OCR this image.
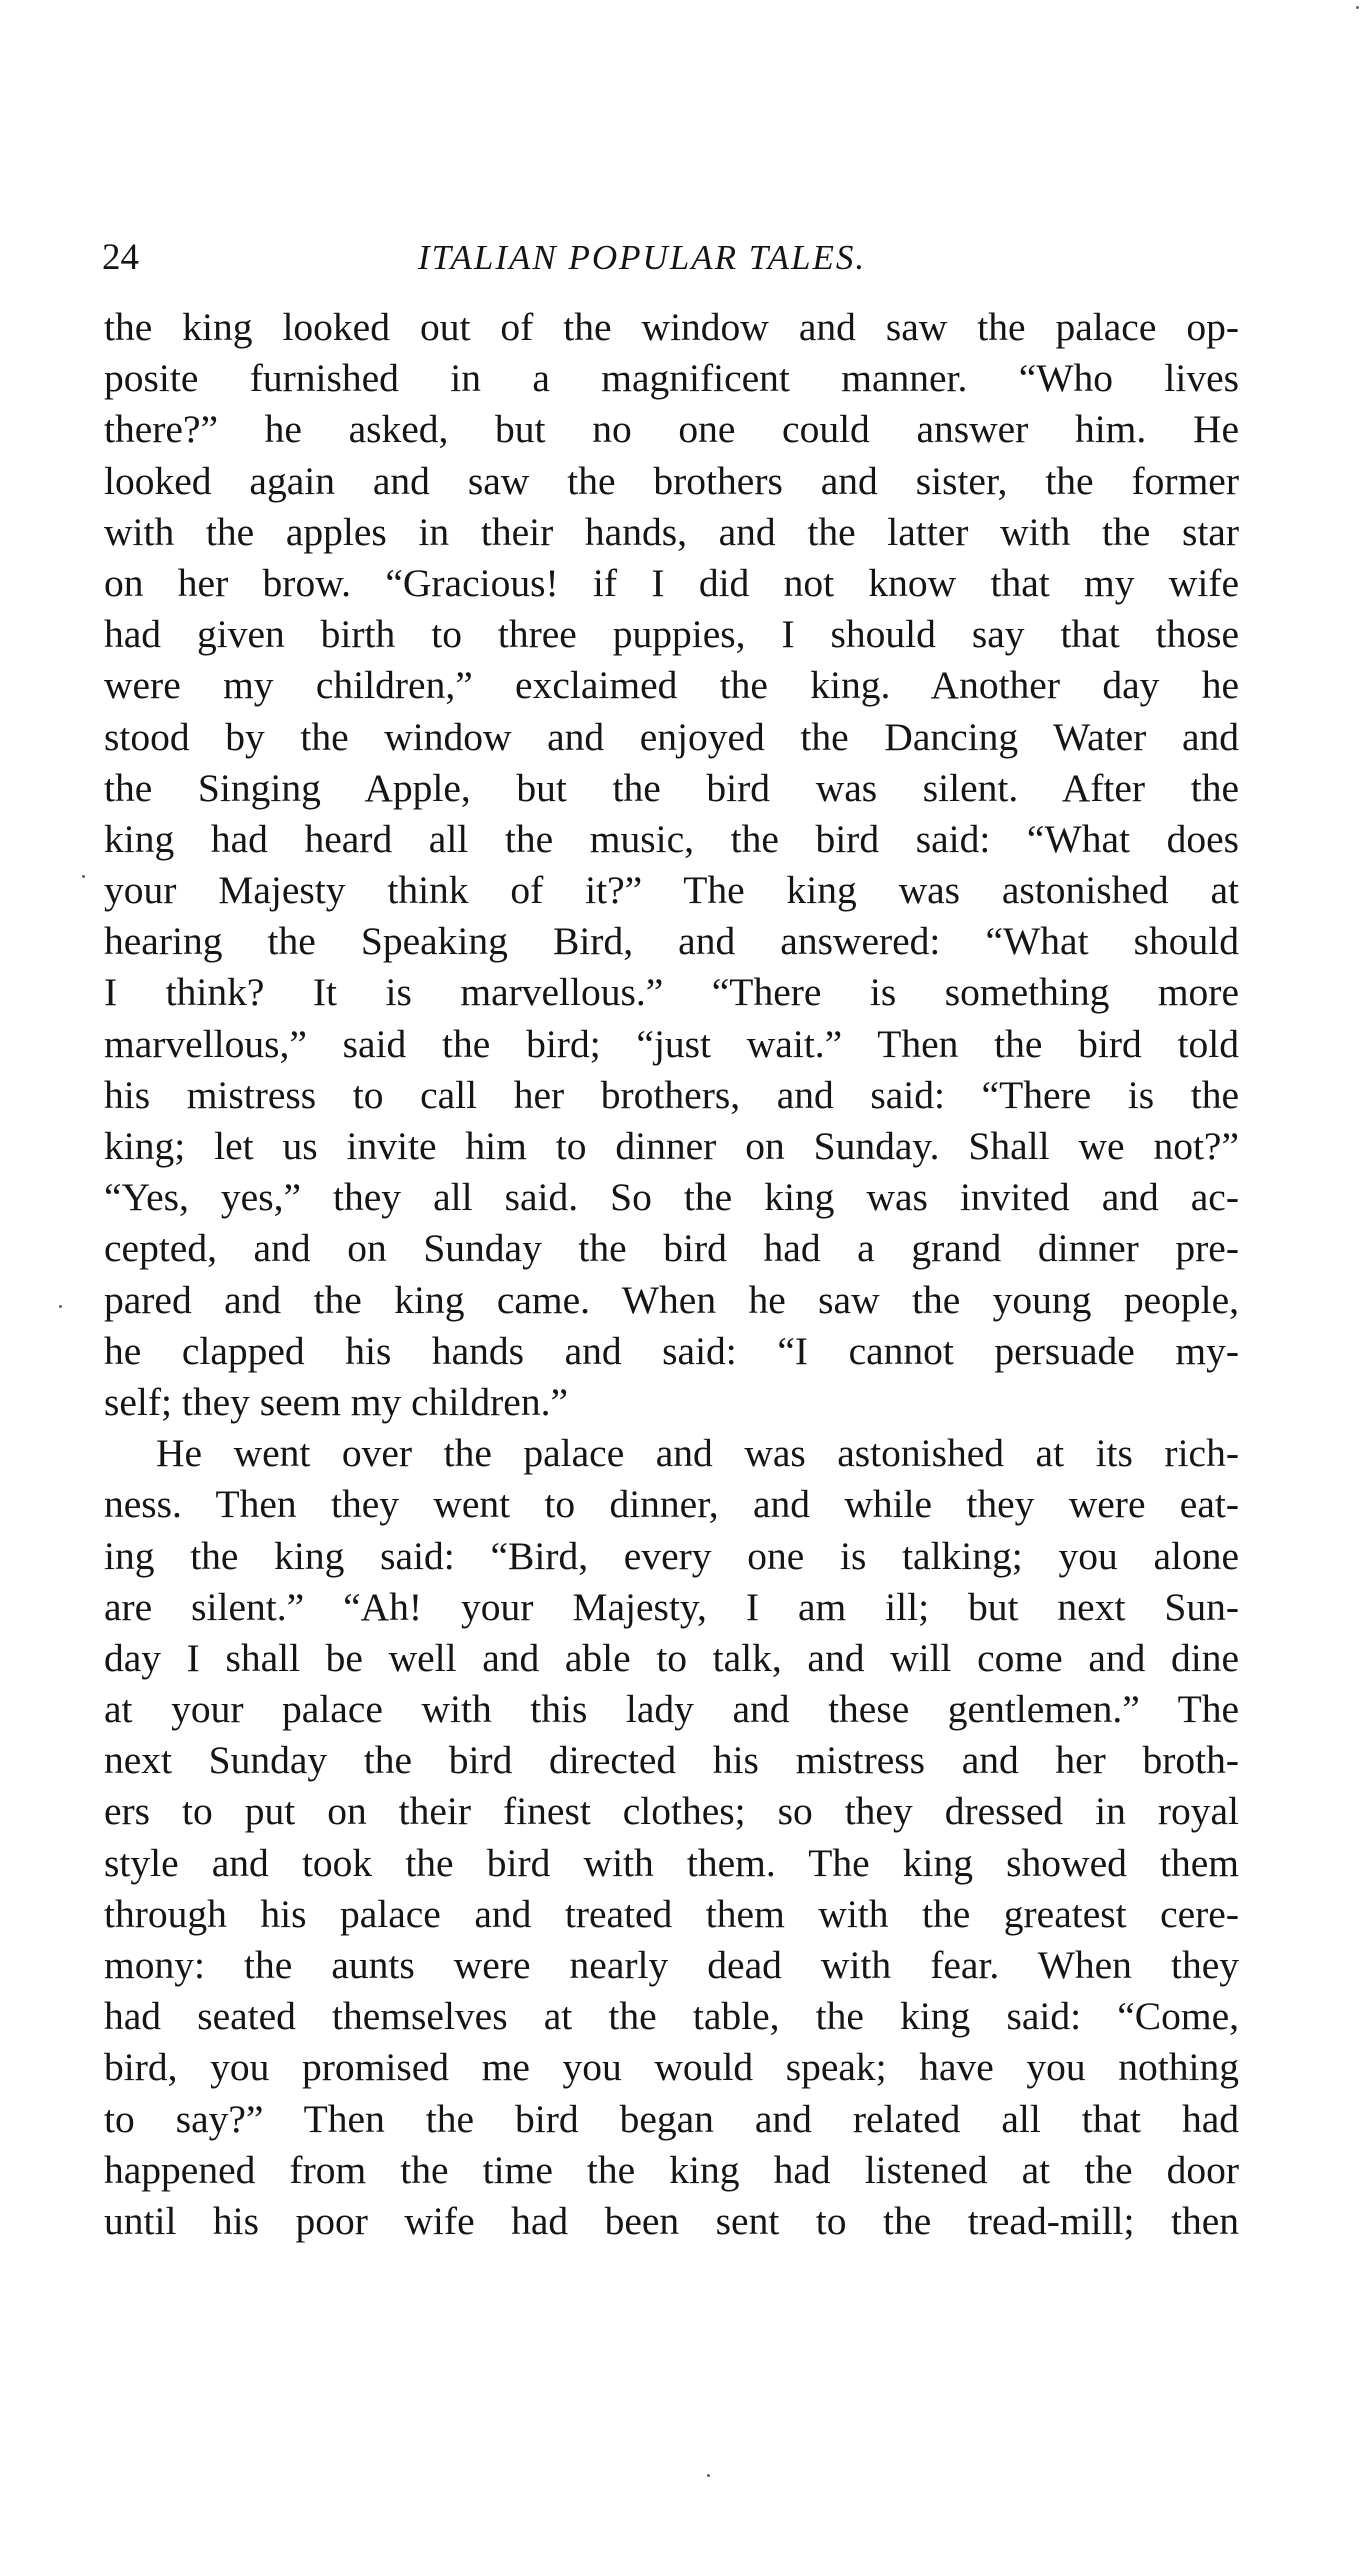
24	ITALIAN POPULAR TALES.
the king looked out of the window and saw the palace op-
posite furnished in a magnificent manner. “Who lives
there?” he asked, but no one could answer him. He
looked again and saw the brothers and sister, the former
with the apples in their hands, and the latter with the star
on her brow. “Gracious! if I did not know that my wife
had given birth to three puppies, I should say that those
were my children,” exclaimed the king. Another day he
stood by the window and enjoyed the Dancing Water and
the Singing Apple, but the bird was silent. After the
king had heard all the music, the bird said: “What does
your Majesty think of it?” The king was astonished at
hearing the Speaking Bird, and answered: “What should
I think? It is marvellous.” “There is something more
marvellous,” said the bird; “just wait.” Then the bird told
his mistress to call her brothers, and said: “There is the
king; let us invite him to dinner on Sunday. Shall we not?”
“Yes, yes,” they all said. So the king was invited and ac-
cepted, and on Sunday the bird had a grand dinner pre-
pared and the king came. When he saw the young people,
he clapped his hands and said: “I cannot persuade my-
self; they seem my children.”
He went over the palace and was astonished at its rich-
ness. Then they went to dinner, and while they were eat-
ing the king said: “Bird, every one is talking; you alone
are silent.” “Ah! your Majesty, I am ill; but next Sun-
day I shall be well and able to talk, and will come and dine
at your palace with this lady and these gentlemen.” The
next Sunday the bird directed his mistress and her broth-
ers to put on their finest clothes; so they dressed in royal
style and took the bird with them. The king showed them
through his palace and treated them with the greatest cere-
mony: the aunts were nearly dead with fear. When they
had seated themselves at the table, the king said: “Come,
bird, you promised me you would speak; have you nothing
to say?” Then the bird began and related all that had
happened from the time the king had listened at the door
until his poor wife had been sent to the tread-mill; then
